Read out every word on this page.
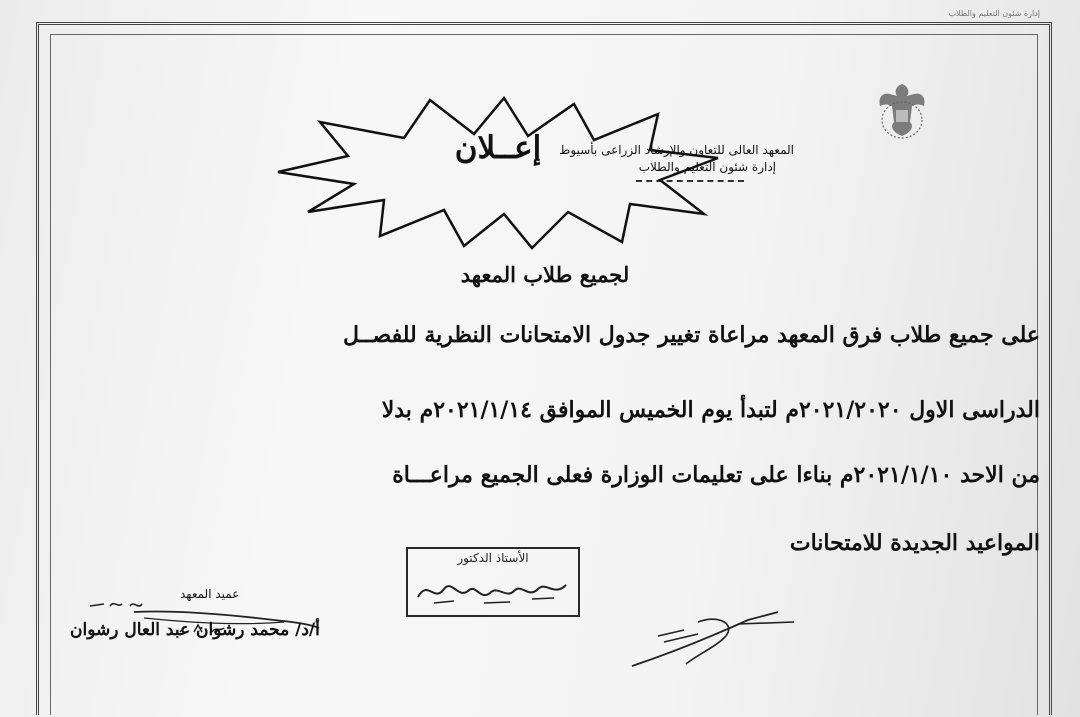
إدارة شئون التعليم والطلاب
المعهد العالى للتعاون والإرشاد الزراعى بأسيوط
إدارة شئون التعليم والطلاب
إعــلان
لجميع طلاب المعهد
على جميع طلاب فرق المعهد مراعاة تغيير جدول الامتحانات النظرية للفصــل
الدراسى الاول ٢٠٢١/٢٠٢٠م لتبدأ يوم الخميس الموافق ٢٠٢١/١/١٤م بدلا
من الاحد ٢٠٢١/١/١٠م بناءا على تعليمات الوزارة فعلى الجميع مراعـــاة
المواعيد الجديدة للامتحانات
الأستاذ الدكتور
عميد المعهد
أ/د/ محمد رشوان عبد العال رشوان
